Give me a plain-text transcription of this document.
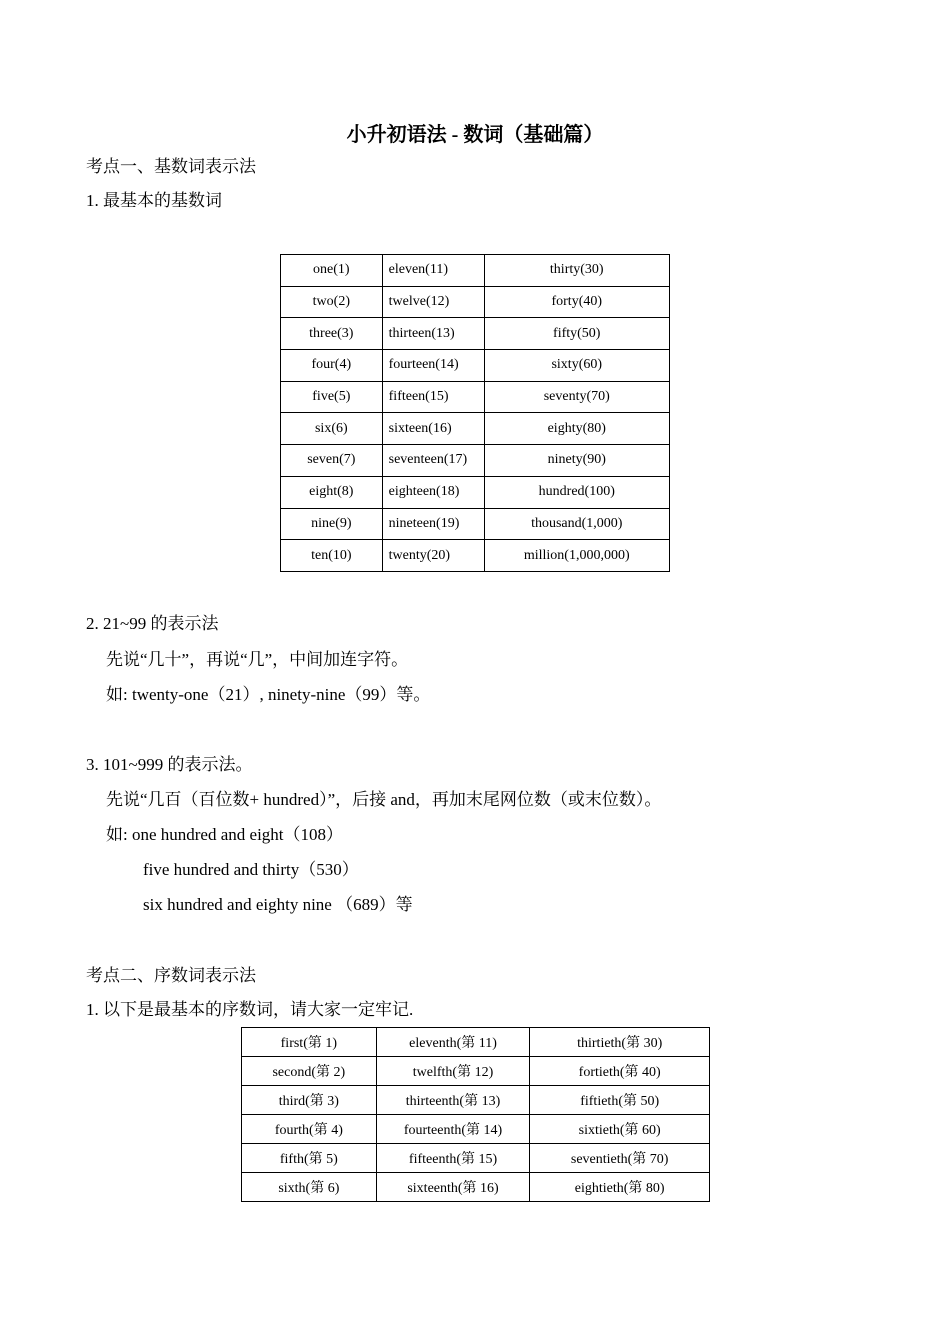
小升初语法 - 数词（基础篇）
考点一、基数词表示法
1. 最基本的基数词
one(1)	eleven(11)	thirty(30)
two(2)	twelve(12)	forty(40)
three(3)	thirteen(13)	fifty(50)
four(4)	fourteen(14)	sixty(60)
five(5)	fifteen(15)	seventy(70)
six(6)	sixteen(16)	eighty(80)
seven(7)	seventeen(17)	ninety(90)
eight(8)	eighteen(18)	hundred(100)
nine(9)	nineteen(19)	thousand(1,000)
ten(10)	twenty(20)	million(1,000,000)
2. 21~99 的表示法
先说“几十”，再说“几”，中间加连字符。
如: twenty-one（21）, ninety-nine（99）等。
3. 101~999 的表示法。
先说“几百（百位数+ hundred）”，后接 and，再加末尾网位数（或末位数）。
如: one hundred and eight（108）
five hundred and thirty（530）
six hundred and eighty nine （689）等
考点二、序数词表示法
1. 以下是最基本的序数词，请大家一定牢记.
first(第 1)	eleventh(第 11)	thirtieth(第 30)
second(第 2)	twelfth(第 12)	fortieth(第 40)
third(第 3)	thirteenth(第 13)	fiftieth(第 50)
fourth(第 4)	fourteenth(第 14)	sixtieth(第 60)
fifth(第 5)	fifteenth(第 15)	seventieth(第 70)
sixth(第 6)	sixteenth(第 16)	eightieth(第 80)
